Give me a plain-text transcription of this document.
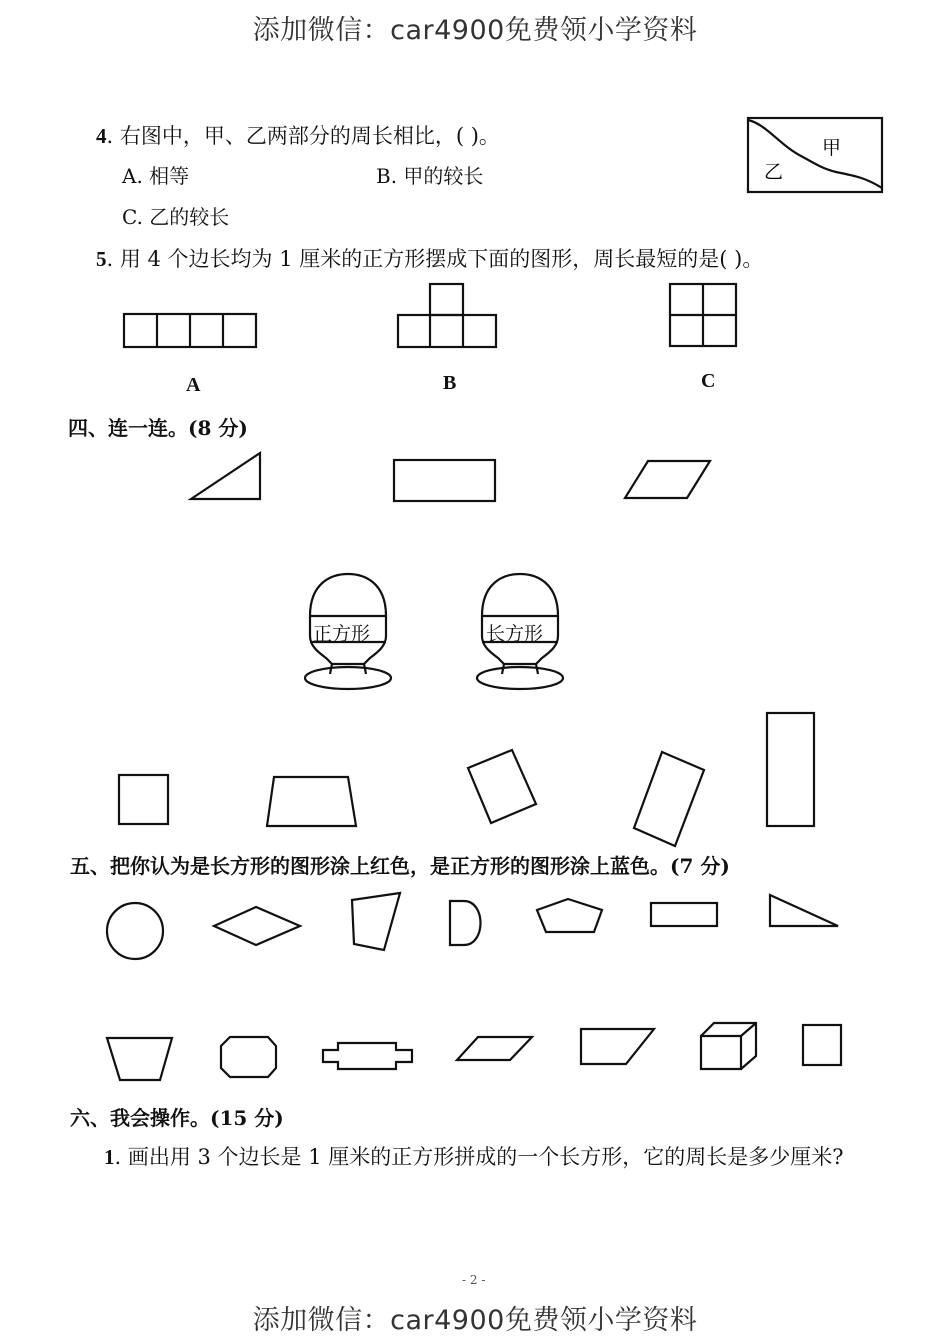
添加微信：car4900免费领小学资料
添加微信：car4900免费领小学资料
4. 右图中，甲、乙两部分的周长相比，( )。
A. 相等	B. 甲的较长
C. 乙的较长
甲
乙
5. 用 4 个边长均为 1 厘米的正方形摆成下面的图形，周长最短的是( )。
A	B	C
四、连一连。(8 分)
正方形	长方形
五、把你认为是长方形的图形涂上红色，是正方形的图形涂上蓝色。(7 分)
六、我会操作。(15 分)
1. 画出用 3 个边长是 1 厘米的正方形拼成的一个长方形，它的周长是多少厘米?
- 2 -
